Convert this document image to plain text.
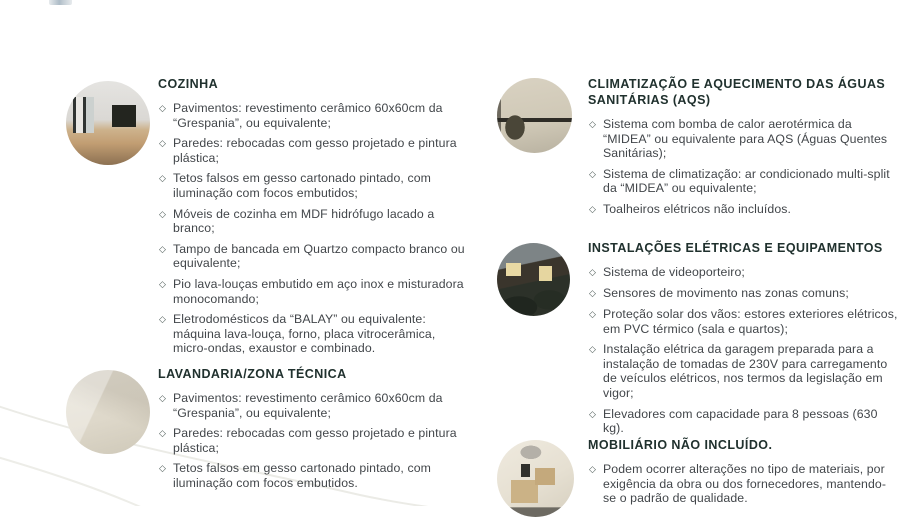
COZINHA
◇ Pavimentos: revestimento cerâmico 60x60cm da “Grespania”, ou equivalente;
◇ Paredes: rebocadas com gesso projetado e pintura plástica;
◇ Tetos falsos em gesso cartonado pintado, com iluminação com focos embutidos;
◇ Móveis de cozinha em MDF hidrófugo lacado a branco;
◇ Tampo de bancada em Quartzo compacto branco ou equivalente;
◇ Pio lava-louças embutido em aço inox e misturadora monocomando;
◇ Eletrodomésticos da “BALAY” ou equivalente: máquina lava-louça, forno, placa vitrocerâmica, micro-ondas, exaustor e combinado.
LAVANDARIA/ZONA TÉCNICA
◇ Pavimentos: revestimento cerâmico 60x60cm da “Grespania”, ou equivalente;
◇ Paredes: rebocadas com gesso projetado e pintura plástica;
◇ Tetos falsos em gesso cartonado pintado, com iluminação com focos embutidos.
CLIMATIZAÇÃO E AQUECIMENTO DAS ÁGUAS SANITÁRIAS (AQS)
◇ Sistema com bomba de calor aerotérmica da “MIDEA” ou equivalente para AQS (Águas Quentes Sanitárias);
◇ Sistema de climatização: ar condicionado multi-split da “MIDEA” ou equivalente;
◇ Toalheiros elétricos não incluídos.
INSTALAÇÕES ELÉTRICAS E EQUIPAMENTOS
◇ Sistema de videoporteiro;
◇ Sensores de movimento nas zonas comuns;
◇ Proteção solar dos vãos: estores exteriores elétricos, em PVC térmico (sala e quartos);
◇ Instalação elétrica da garagem preparada para a instalação de tomadas de 230V para carregamento de veículos elétricos, nos termos da legislação em vigor;
◇ Elevadores com capacidade para 8 pessoas (630 kg).
MOBILIÁRIO NÃO INCLUÍDO.
◇ Podem ocorrer alterações no tipo de materiais, por exigência da obra ou dos fornecedores, mantendo-se o padrão de qualidade.
